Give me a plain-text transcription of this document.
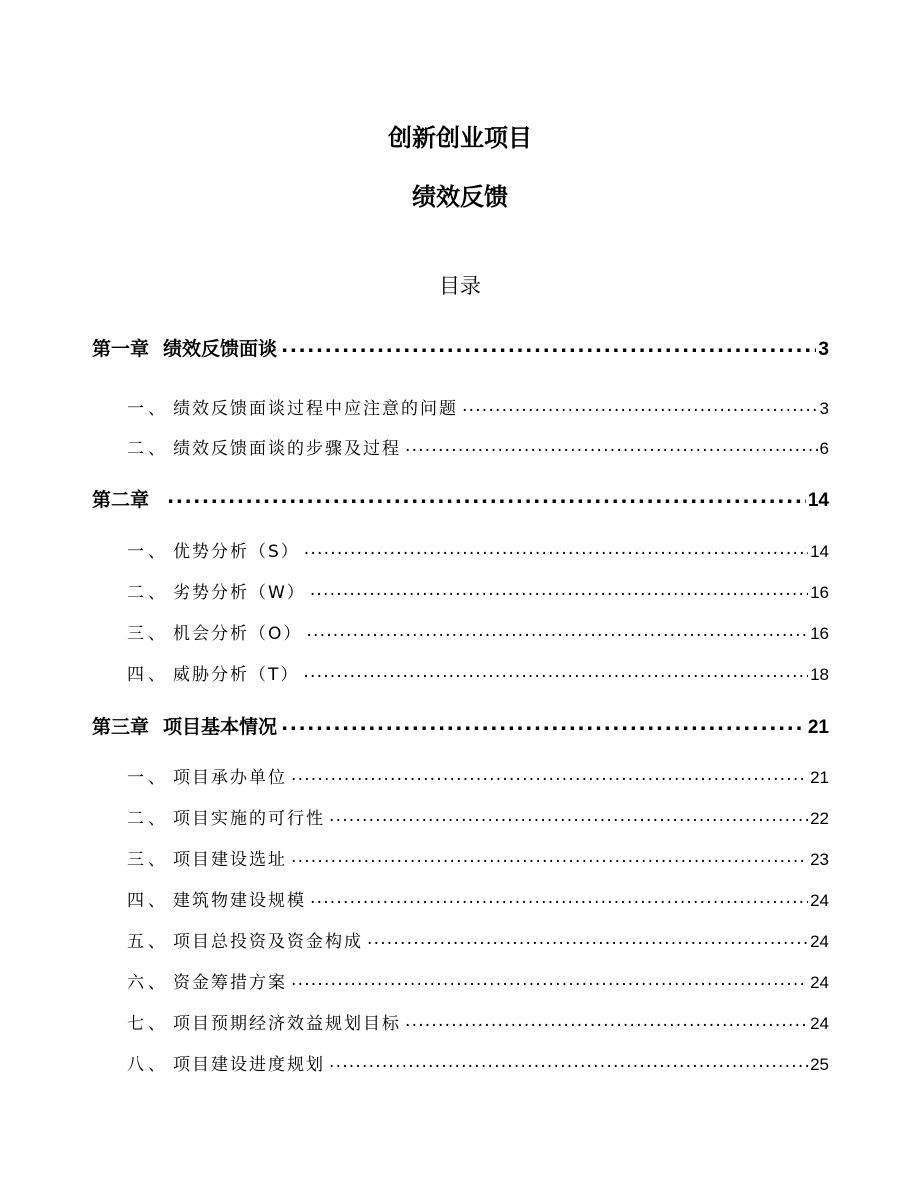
创新创业项目
绩效反馈
目录
第一章 绩效反馈面谈 .....	3
一、 绩效反馈面谈过程中应注意的问题 .....	3
二、 绩效反馈面谈的步骤及过程 .....	6
第二章 .....	14
一、 优势分析（S） .....	14
二、 劣势分析（W） .....	16
三、 机会分析（O） .....	16
四、 威胁分析（T） .....	18
第三章 项目基本情况 .....	21
一、 项目承办单位 .....	21
二、 项目实施的可行性 .....	22
三、 项目建设选址 .....	23
四、 建筑物建设规模 .....	24
五、 项目总投资及资金构成 .....	24
六、 资金筹措方案 .....	24
七、 项目预期经济效益规划目标 .....	24
八、 项目建设进度规划 .....	25
